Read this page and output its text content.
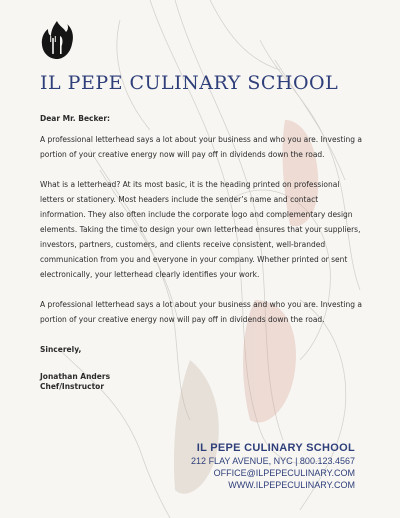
IL PEPE CULINARY SCHOOL

Dear Mr. Becker:

A professional letterhead says a lot about your business and who you are. Investing a portion of your creative energy now will pay off in dividends down the road.

What is a letterhead? At its most basic, it is the heading printed on professional letters or stationery. Most headers include the sender’s name and contact information. They also often include the corporate logo and complementary design elements. Taking the time to design your own letterhead ensures that your suppliers, investors, partners, customers, and clients receive consistent, well-branded communication from you and everyone in your company. Whether printed or sent electronically, your letterhead clearly identifies your work.

A professional letterhead says a lot about your business and who you are. Investing a portion of your creative energy now will pay off in dividends down the road.

Sincerely,

Jonathan Anders

Chef/Instructor

IL PEPE CULINARY SCHOOL
212 FLAY AVENUE, NYC | 800.123.4567
OFFICE@ILPEPECULINARY.COM
WWW.ILPEPECULINARY.COM
